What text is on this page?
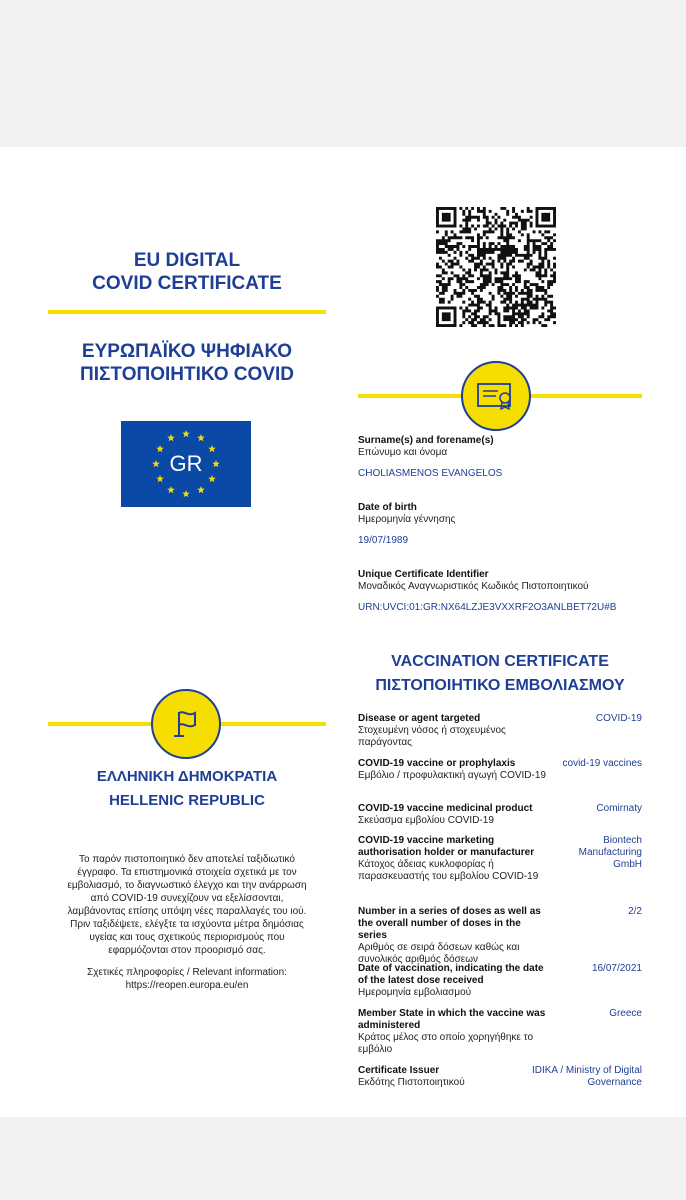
EU DIGITAL
COVID CERTIFICATE
ΕΥΡΩΠΑΪΚΟ ΨΗΦΙΑΚΟ
ΠΙΣΤΟΠΟΙΗΤΙΚΟ COVID
GR
ΕΛΛΗΝΙΚΗ ΔΗΜΟΚΡΑΤΙΑ
HELLENIC REPUBLIC
Το παρόν πιστοποιητικό δεν αποτελεί ταξιδιωτικό
έγγραφο. Τα επιστημονικά στοιχεία σχετικά με τον
εμβολιασμό, το διαγνωστικό έλεγχο και την ανάρρωση
από COVID-19 συνεχίζουν να εξελίσσονται,
λαμβάνοντας επίσης υπόψη νέες παραλλαγές του ιού.
Πριν ταξιδέψετε, ελέγξτε τα ισχύοντα μέτρα δημόσιας
υγείας και τους σχετικούς περιορισμούς που
εφαρμόζονται στον προορισμό σας.
Σχετικές πληροφορίες / Relevant information:
https://reopen.europa.eu/en
Surname(s) and forename(s)
Επώνυμο και όνομα
CHOLIASMENOS EVANGELOS
Date of birth
Ημερομηνία γέννησης
19/07/1989
Unique Certificate Identifier
Μοναδικός Αναγνωριστικός Κωδικός Πιστοποιητικού
URN:UVCI:01:GR:NX64LZJE3VXXRF2O3ANLBET72U#B
VACCINATION CERTIFICATE
ΠΙΣΤΟΠΟΙΗΤΙΚΟ ΕΜΒΟΛΙΑΣΜΟΥ
Disease or agent targeted
Στοχευμένη νόσος ή στοχευμένος παράγοντας
COVID-19
COVID-19 vaccine or prophylaxis
Εμβόλιο / προφυλακτική αγωγή COVID-19
covid-19 vaccines
COVID-19 vaccine medicinal product
Σκεύασμα εμβολίου COVID-19
Comirnaty
COVID-19 vaccine marketing authorisation holder or manufacturer
Κάτοχος άδειας κυκλοφορίας ή παρασκευαστής του εμβολίου COVID-19
Biontech Manufacturing GmbH
Number in a series of doses as well as the overall number of doses in the series
Αριθμός σε σειρά δόσεων καθώς και συνολικός αριθμός δόσεων
2/2
Date of vaccination, indicating the date of the latest dose received
Ημερομηνία εμβολιασμού
16/07/2021
Member State in which the vaccine was administered
Κράτος μέλος στο οποίο χορηγήθηκε το εμβόλιο
Greece
Certificate Issuer
Εκδότης Πιστοποιητικού
IDIKA / Ministry of Digital Governance
